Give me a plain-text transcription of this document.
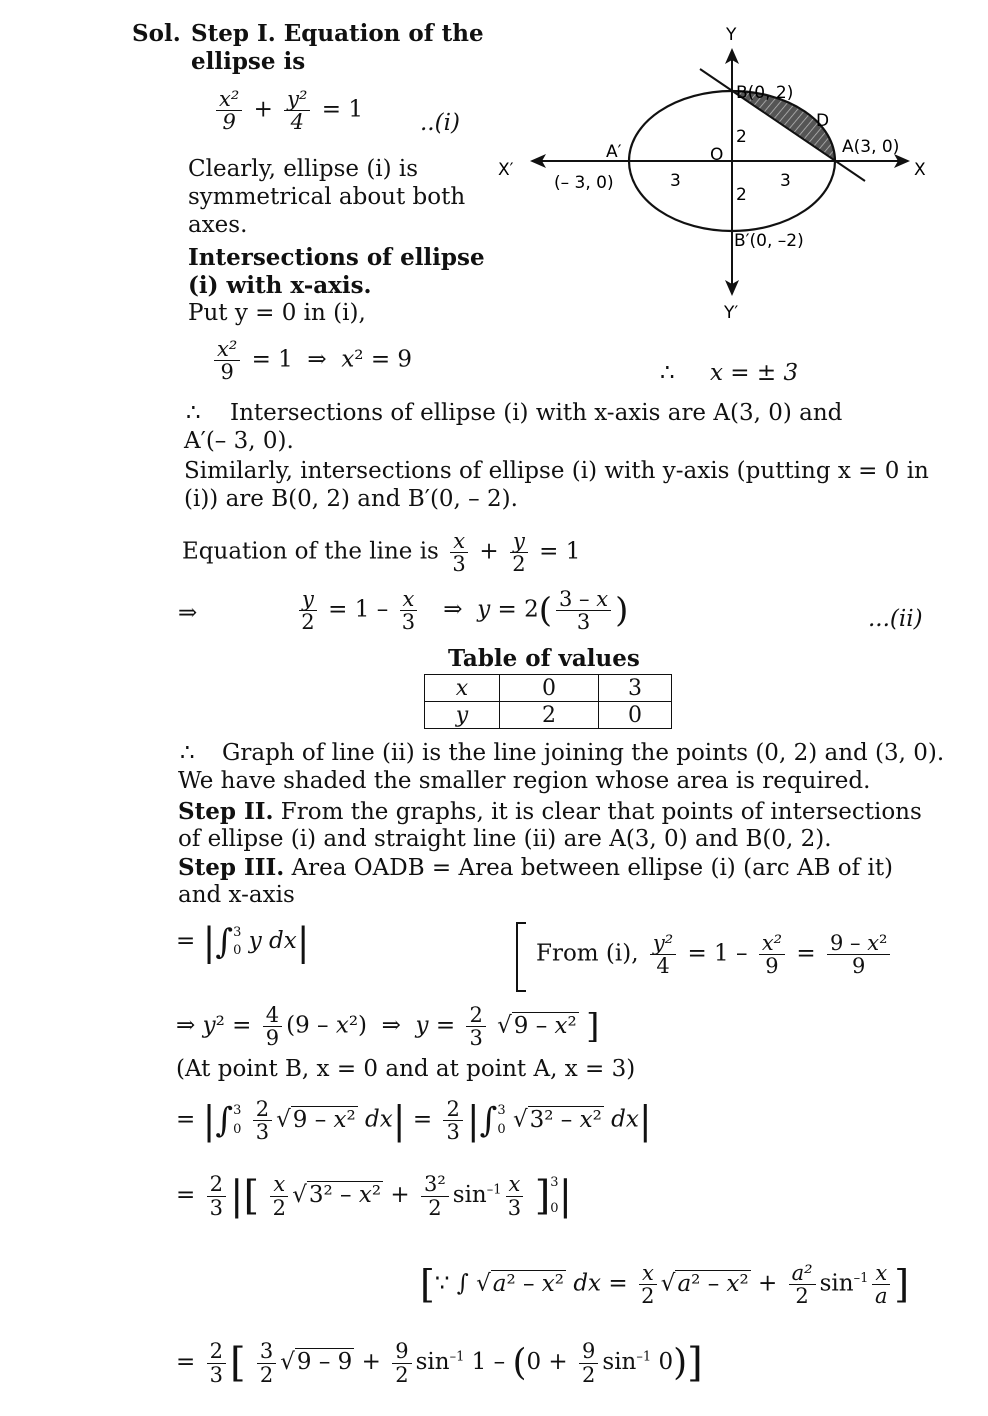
Sol. Step I. Equation of the
ellipse is
$\frac{\text{x²}}{9} + \frac{\text{y²}}{4} = 1$
..(i)
Clearly, ellipse (i) is
symmetrical about both
axes.
Intersections of ellipse
(i) with x-axis.
Put y = 0 in (i),
$\frac{\text{x²}}{9} = 1$  ⇒  x² = 9
∴ x = ± 3
∴ Intersections of ellipse (i) with x-axis are A(3, 0) and
A′(– 3, 0).
Similarly, intersections of ellipse (i) with y-axis (putting x = 0 in
(i)) are B(0, 2) and B′(0, – 2).
Equation of the line is $\frac{x}{3} + \frac{y}{2} = 1$
⇒	$\frac{y}{2} = 1 - \frac{x}{3}$ ⇒  $y = 2( \frac{3 - x}{3}$ )	...(ii)
Table of values
x	0	3
y	2	0
∴ Graph of line (ii) is the line joining the points (0, 2) and (3, 0).
We have shaded the smaller region whose area is required.
Step II. From the graphs, it is clear that points of intersections
of ellipse (i) and straight line (ii) are A(3, 0) and B(0, 2).
Step III. Area OADB = Area between ellipse (i) (arc AB of it)
and x-axis
= |∫ 3
0 y dx|	From (i), $\frac{\text{y²}}{4} = 1 - \frac{\text{x²}}{9} = \frac{\text{9 – x²}}{9}$
⇒ $y^2 = \frac{4}{9} (9 - x^2)$  ⇒  $y = \frac{2}{3} √9 - x^2$ ]
(At point B, x = 0 and at point A, x = 3)
= |∫ 3
0
$\frac{2}{3} √9 - x^2$ $dx| = \frac{2}{3}$ |∫ 3
0 √3² – x² dx|
= $\frac{2}{3}$ |[ $\frac{x}{2} √3^2 - x^2 + \frac{\text{3²}}{2} \sin^{-1} \frac{x}{3} ]3$
0|
[∵ ∫ √a² – x² dx = $\frac{x}{2} √a^2 - x^2 + \frac{\text{a²}}{2} \sin^{-1} \frac{x}{a}$ ]
= $\frac{2}{3}$ [ $\frac{3}{2} √9 - 9 + \frac{9}{2} \sin^{-1} 1 - (0 + \frac{9}{2} \sin^{-1} 0)$]
Y
Y′
X
X′
B(0, 2)
B′(0, –2)
A(3, 0)
A′
(– 3, 0)
D
O
3	3
2
2
